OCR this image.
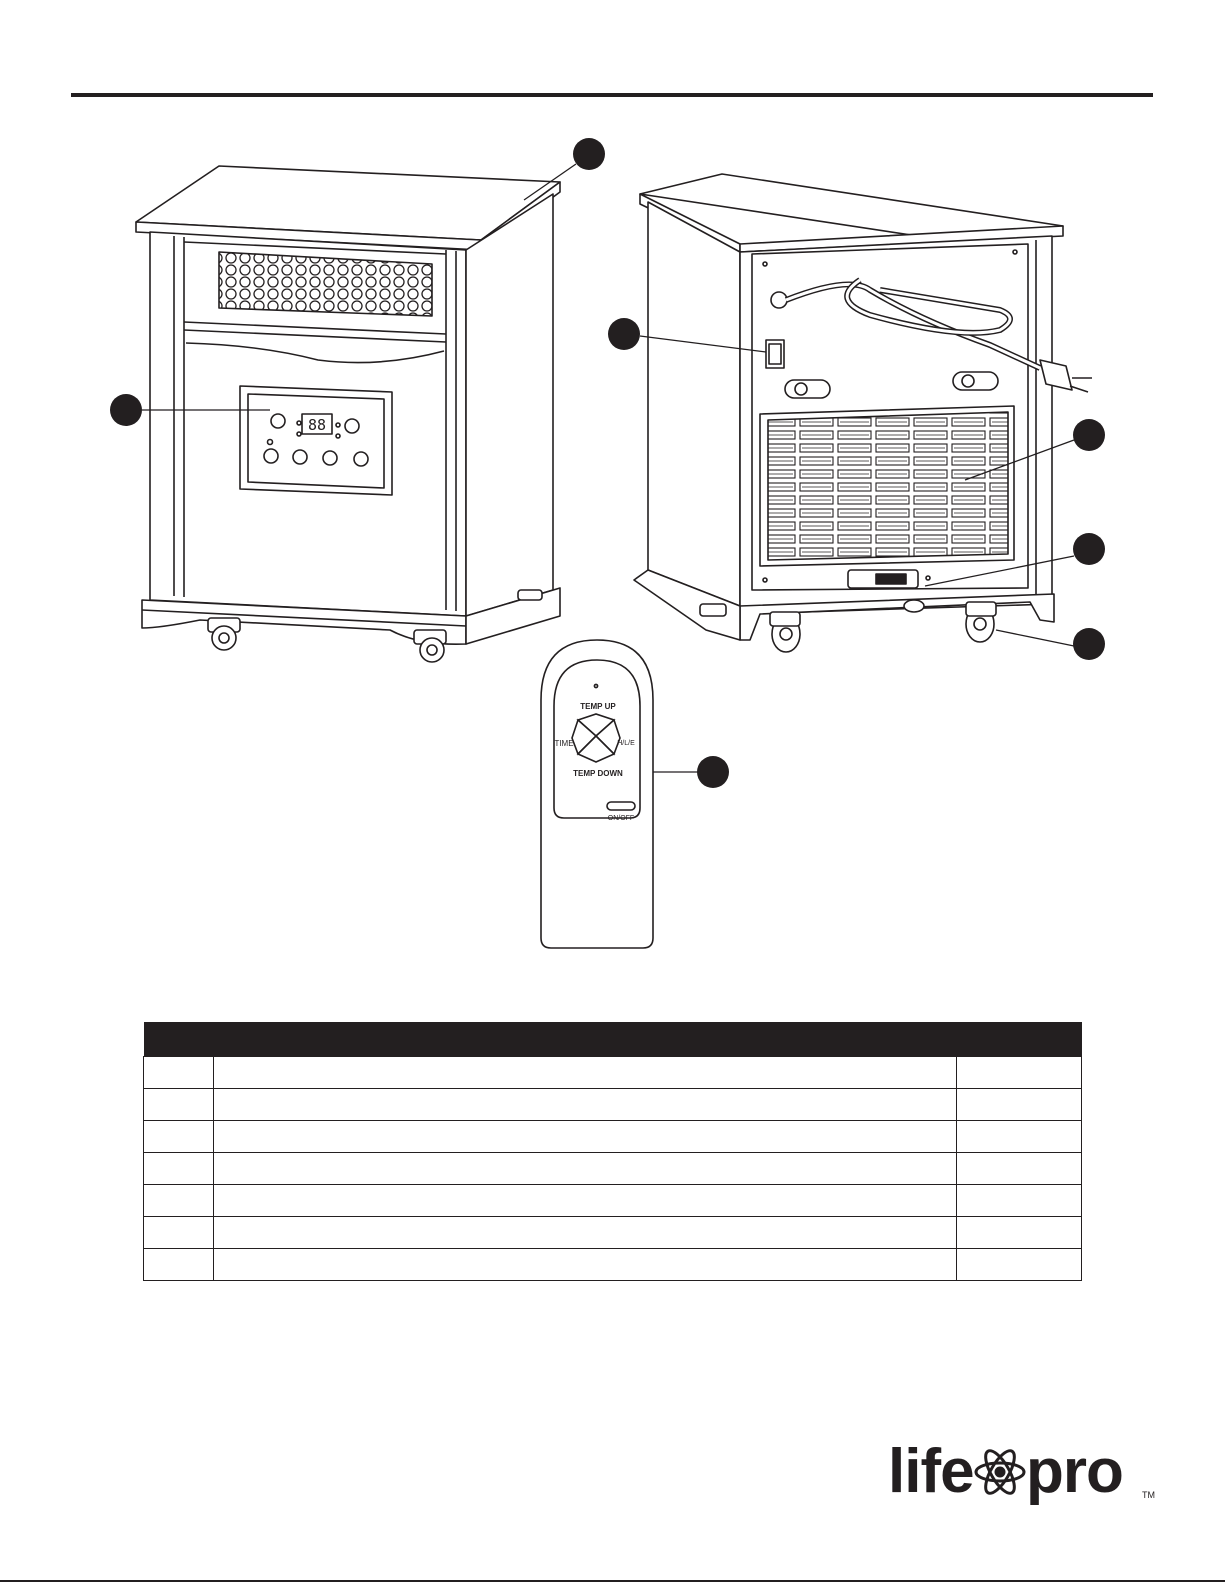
88
TEMP UP
TEMP DOWN
TIME	H/L/E
ON/OFF

life pro TM
